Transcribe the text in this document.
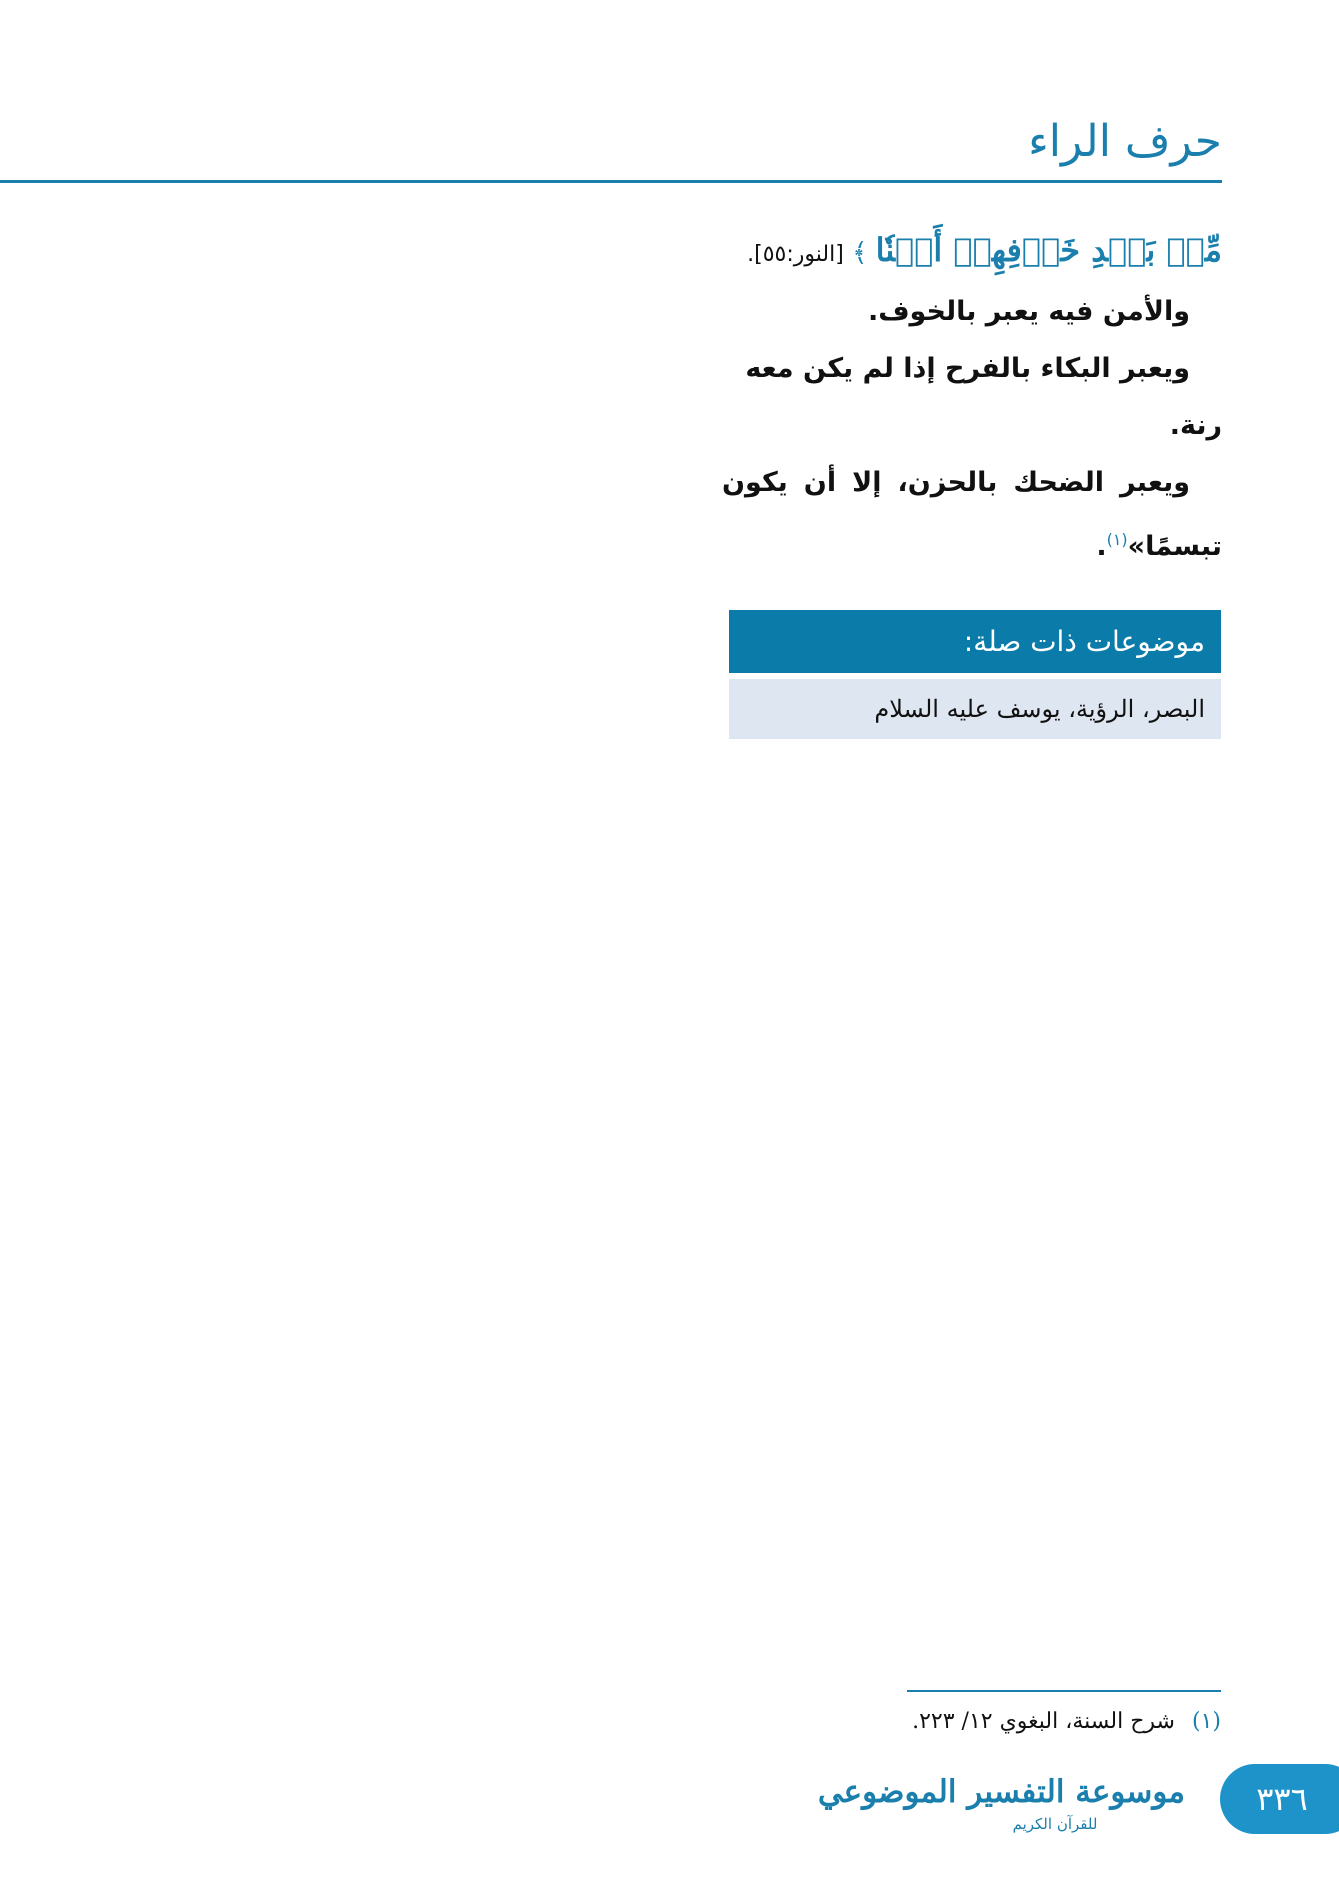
حرف الراء

مِّنۢ بَعۡدِ خَوۡفِهِمۡ أَمۡنٗا ﴾ [النور:٥٥].

والأمن فيه يعبر بالخوف.

ويعبر البكاء بالفرح إذا لم يكن معه رنة.

ويعبر الضحك بالحزن، إلا أن يكون تبسمًا»$^{(١)}$.

موضوعات ذات صلة:
البصر، الرؤية، يوسف عليه السلام
(١) شرح السنة، البغوي ١٢/ ٢٢٣.
موسوعة التفسير الموضوعي
للقرآن الكريم
٣٣٦
